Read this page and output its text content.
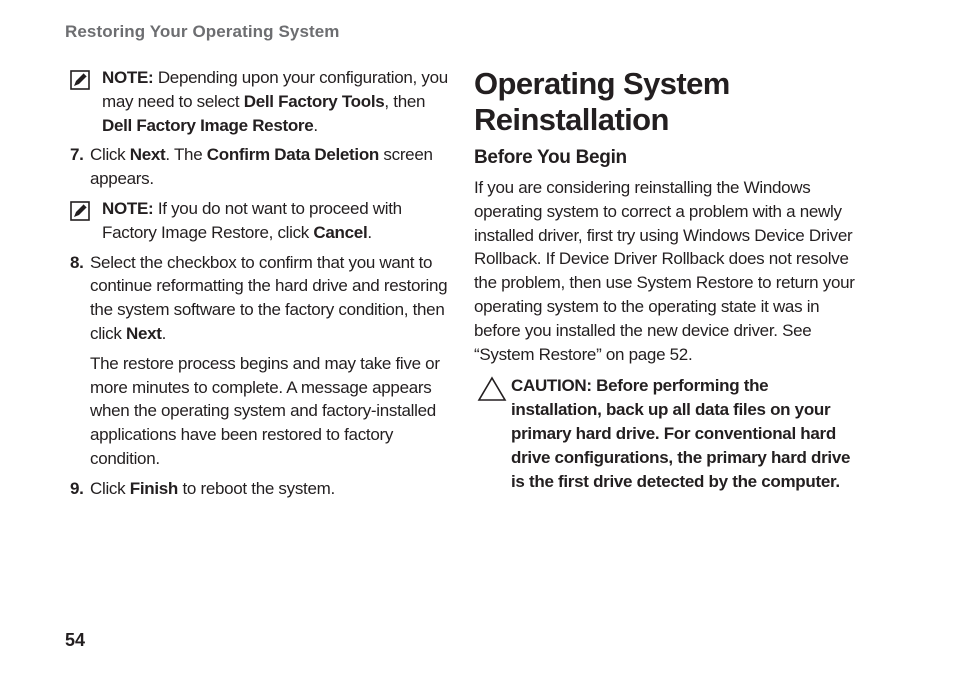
Restoring Your Operating System
NOTE: Depending upon your configuration, you may need to select Dell Factory Tools, then Dell Factory Image Restore.
7. Click Next. The Confirm Data Deletion screen appears.
NOTE: If you do not want to proceed with Factory Image Restore, click Cancel.
8. Select the checkbox to confirm that you want to continue reformatting the hard drive and restoring the system software to the factory condition, then click Next.
The restore process begins and may take five or more minutes to complete. A message appears when the operating system and factory-installed applications have been restored to factory condition.
9. Click Finish to reboot the system.
Operating System Reinstallation
Before You Begin
If you are considering reinstalling the Windows operating system to correct a problem with a newly installed driver, first try using Windows Device Driver Rollback. If Device Driver Rollback does not resolve the problem, then use System Restore to return your operating system to the operating state it was in before you installed the new device driver. See “System Restore” on page 52.
CAUTION: Before performing the installation, back up all data files on your primary hard drive. For conventional hard drive configurations, the primary hard drive is the first drive detected by the computer.
54
